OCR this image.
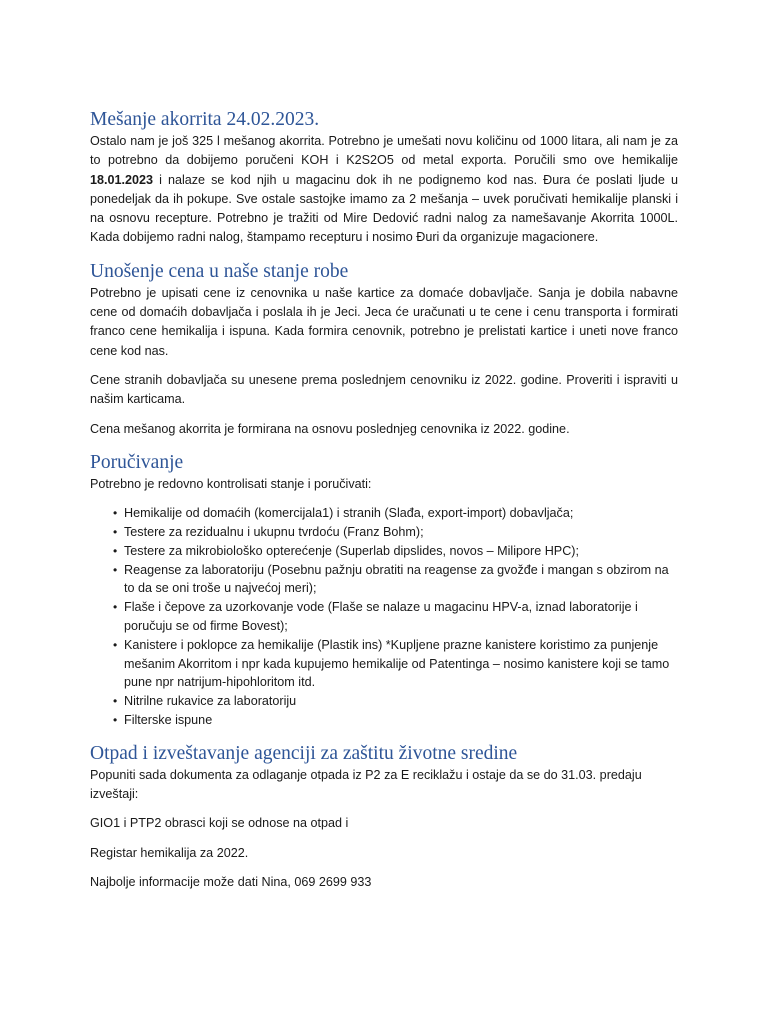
Mešanje akorrita 24.02.2023.

Ostalo nam je još 325 l mešanog akorrita. Potrebno je umešati novu količinu od 1000 litara, ali nam je za to potrebno da dobijemo poručeni KOH i K2S2O5 od metal exporta. Poručili smo ove hemikalije 18.01.2023 i nalaze se kod njih u magacinu dok ih ne podignemo kod nas. Đura će poslati ljude u ponedeljak da ih pokupe. Sve ostale sastojke imamo za 2 mešanja – uvek poručivati hemikalije planski i na osnovu recepture. Potrebno je tražiti od Mire Dedović radni nalog za namešavanje Akorrita 1000L. Kada dobijemo radni nalog, štampamo recepturu i nosimo Đuri da organizuje magacionere.

Unošenje cena u naše stanje robe

Potrebno je upisati cene iz cenovnika u naše kartice za domaće dobavljače. Sanja je dobila nabavne cene od domaćih dobavljača i poslala ih je Jeci. Jeca će uračunati u te cene i cenu transporta i formirati franco cene hemikalija i ispuna. Kada formira cenovnik, potrebno je prelistati kartice i uneti nove franco cene kod nas.

Cene stranih dobavljača su unesene prema poslednjem cenovniku iz 2022. godine. Proveriti i ispraviti u našim karticama.

Cena mešanog akorrita je formirana na osnovu poslednjeg cenovnika iz 2022. godine.

Poručivanje

Potrebno je redovno kontrolisati stanje i poručivati:

• Hemikalije od domaćih (komercijala1) i stranih (Slađa, export-import) dobavljača;
• Testere za rezidualnu i ukupnu tvrdoću (Franz Bohm);
• Testere za mikrobiološko opterećenje (Superlab dipslides, novos – Milipore HPC);
• Reagense za laboratoriju (Posebnu pažnju obratiti na reagense za gvožđe i mangan s obzirom na to da se oni troše u najvećoj meri);
• Flaše i čepove za uzorkovanje vode (Flaše se nalaze u magacinu HPV-a, iznad laboratorije i poručuju se od firme Bovest);
• Kanistere i poklopce za hemikalije (Plastik ins) *Kupljene prazne kanistere koristimo za punjenje mešanim Akorritom i npr kada kupujemo hemikalije od Patentinga – nosimo kanistere koji se tamo pune npr natrijum-hipohloritom itd.
• Nitrilne rukavice za laboratoriju
• Filterske ispune
Otpad i izveštavanje agenciji za zaštitu životne sredine

Popuniti sada dokumenta za odlaganje otpada iz P2 za E reciklažu i ostaje da se do 31.03. predaju izveštaji:

GIO1 i PTP2 obrasci koji se odnose na otpad i

Registar hemikalija za 2022.

Najbolje informacije može dati Nina, 069 2699 933
